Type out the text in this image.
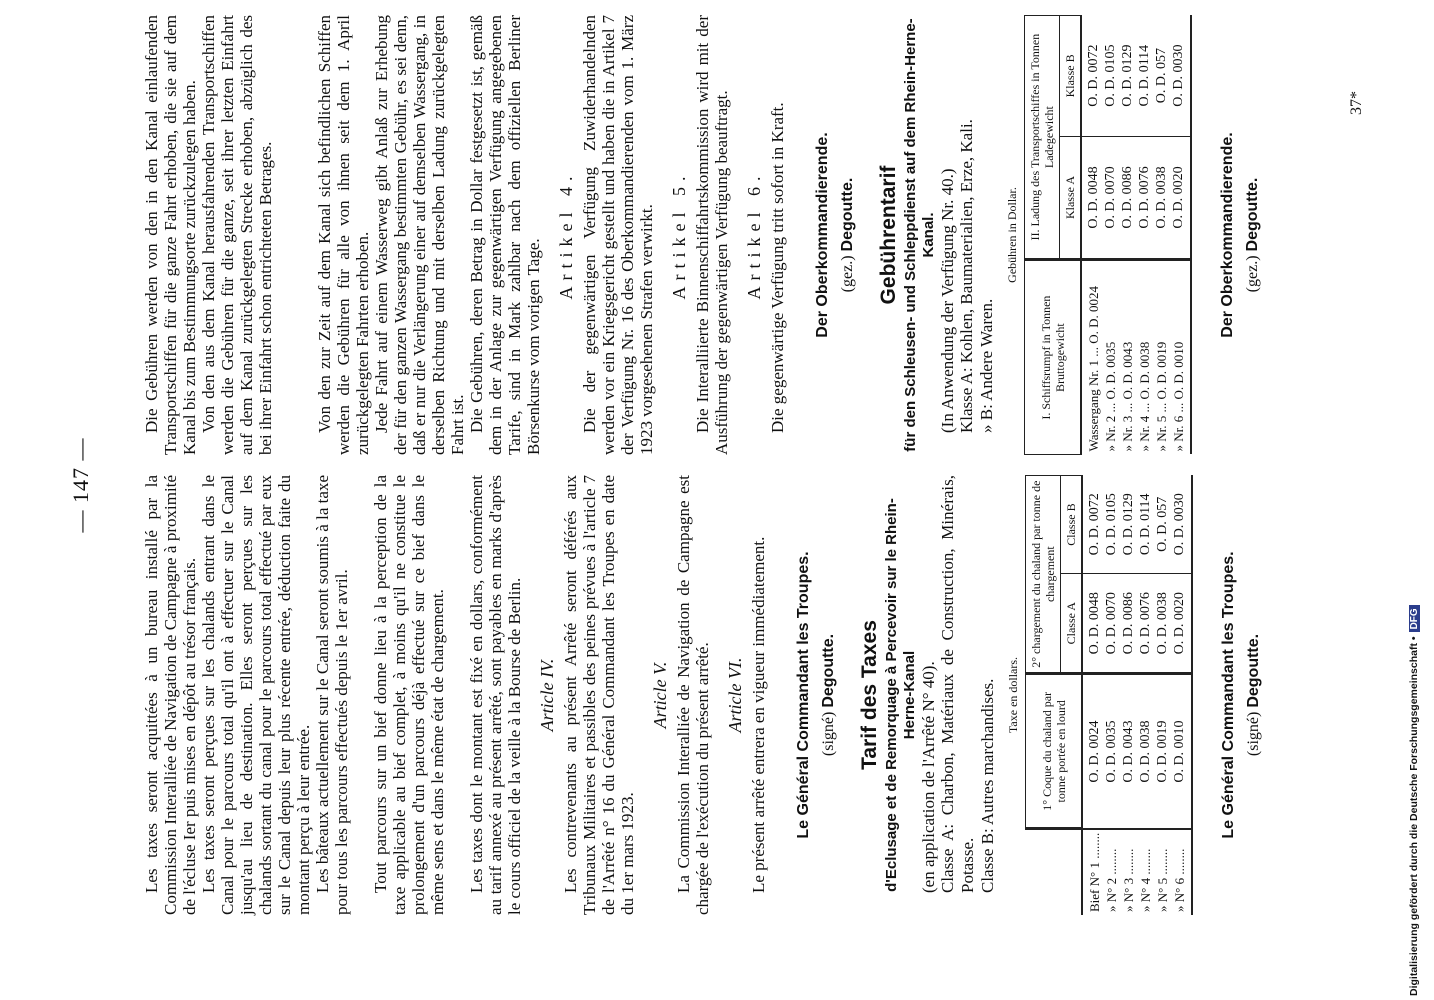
— 147 —	Les taxes seront acquittées à un bureau installé par la Commission Interalliée de Navigation de Campagne à proximité de l'écluse Ier puis mises en dépôt au trésor français. Les taxes seront perçues sur les chalands entrant dans le Canal pour le parcours total qu'il ont à effectuer sur le Canal jusqu'au lieu de destination. Elles seront perçues sur les chalands sortant du canal pour le parcours total effectué par eux sur le Canal depuis leur plus récente entrée, déduction faite du montant perçu à leur entrée. Les bâteaux actuellement sur le Canal seront soumis à la taxe pour tous les parcours effectués depuis le 1er avril. Tout parcours sur un bief donne lieu à la perception de la taxe applicable au bief complet, à moins qu'il ne constitue le prolongement d'un parcours déjà effectué sur ce bief dans le même sens et dans le même état de chargement. Les taxes dont le montant est fixé en dollars, conformément au tarif annexé au présent arrêté, sont payables en marks d'après le cours officiel de la veille à la Bourse de Berlin. Article IV. Les contrevenants au présent Arrêté seront déférés aux Tribunaux Militaires et passibles des peines prévues à l'article 7 de l'Arrêté n° 16 du Général Commandant les Troupes en date du 1er mars 1923.

Article V. La Commission Interalliée de Navigation de Campagne est chargée de l'exécution du présent arrêté. Article VI. Le présent arrêté entrera en vigueur immédiatement. Le Général Commandant les Troupes. (signé) Degoutte. Tarif des Taxes d'Eclusage et de Remorquage à Percevoir sur le Rhein-Herne-Kanal (en application de l'Arrêté N° 40). Classe A: Charbon, Matériaux de Construction, Minérais, Potasse. Classe B: Autres marchandises. Taxe en dollars.
	1° Coque du chaland par tonne portée en lourd	2° chargement du chaland par tonne de chargement	
		Classe A	Classe B
Bief N° 1 ........	O. D. 0024	O. D. 0048	O. D. 0072
» N° 2 ........	O. D. 0035	O. D. 0070	O. D. 0105
» N° 3 ........	O. D. 0043	O. D. 0086	O. D. 0129
» N° 4 ........	O. D. 0038	O. D. 0076	O. D. 0114
» N° 5 ........	O. D. 0019	O. D. 0038	O. D. 057
» N° 6 ........	O. D. 0010	O. D. 0020	O. D. 0030
Le Général Commandant les Troupes. (signé) Degoutte.

Die Gebühren werden von den in den Kanal einlaufenden Transportschiffen für die ganze Fahrt erhoben, die sie auf dem Kanal bis zum Bestimmungsorte zurückzulegen haben. Von den aus dem Kanal herausfahrenden Transportschiffen werden die Gebühren für die ganze, seit ihrer letzten Einfahrt auf dem Kanal zurückgelegten Strecke erhoben, abzüglich des bei ihrer Einfahrt schon entrichteten Betrages. Von den zur Zeit auf dem Kanal sich befindlichen Schiffen werden die Gebühren für alle von ihnen seit dem 1. April zurückgelegten Fahrten erhoben. Jede Fahrt auf einem Wasserweg gibt Anlaß zur Erhebung der für den ganzen Wassergang bestimmten Gebühr, es sei denn, daß er nur die Verlängerung einer auf demselben Wassergang, in derselben Richtung und mit derselben Ladung zurückgelegten Fahrt ist. Die Gebühren, deren Betrag in Dollar festgesetzt ist, gemäß dem in der Anlage zur gegenwärtigen Verfügung angegebenen Tarife, sind in Mark zahlbar nach dem offiziellen Berliner Börsenkurse vom vorigen Tage.

Artikel 4. Die der gegenwärtigen Verfügung Zuwiderhandelnden werden vor ein Kriegsgericht gestellt und haben die in Artikel 7 der Verfügung Nr. 16 des Oberkommandierenden vom 1. März 1923 vorgesehenen Strafen verwirkt. Artikel 5. Die Interalliierte Binnenschiffahrtskommission wird mit der Ausführung der gegenwärtigen Verfügung beauftragt. Artikel 6. Die gegenwärtige Verfügung tritt sofort in Kraft. Der Oberkommandierende. (gez.) Degoutte. Gebührentarif für den Schleusen- und Schleppdienst auf dem Rhein-Herne-Kanal. (In Anwendung der Verfügung Nr. 40.) Klasse A: Kohlen, Baumaterialien, Erze, Kali. » B: Andere Waren.
Gebühren in Dollar.
I. Schiffsrumpf in Tonnen Bruttogewicht	II. Ladung des Transportschiffes in Tonnen Ladegewicht	
	Klasse A	Klasse B
Wassergang Nr. 1 ... O. D. 0024	O. D. 0048	O. D. 0072
» Nr. 2 ... O. D. 0035	O. D. 0070	O. D. 0105
» Nr. 3 ... O. D. 0043	O. D. 0086	O. D. 0129
» Nr. 4 ... O. D. 0038	O. D. 0076	O. D. 0114
» Nr. 5 ... O. D. 0019	O. D. 0038	O. D. 057
» Nr. 6 ... O. D. 0010	O. D. 0020	O. D. 0030
Der Oberkommandierende. (gez.) Degoutte.
37*
Digitalisierung gefördert durch die Deutsche Forschungsgemeinschaft •DFG
